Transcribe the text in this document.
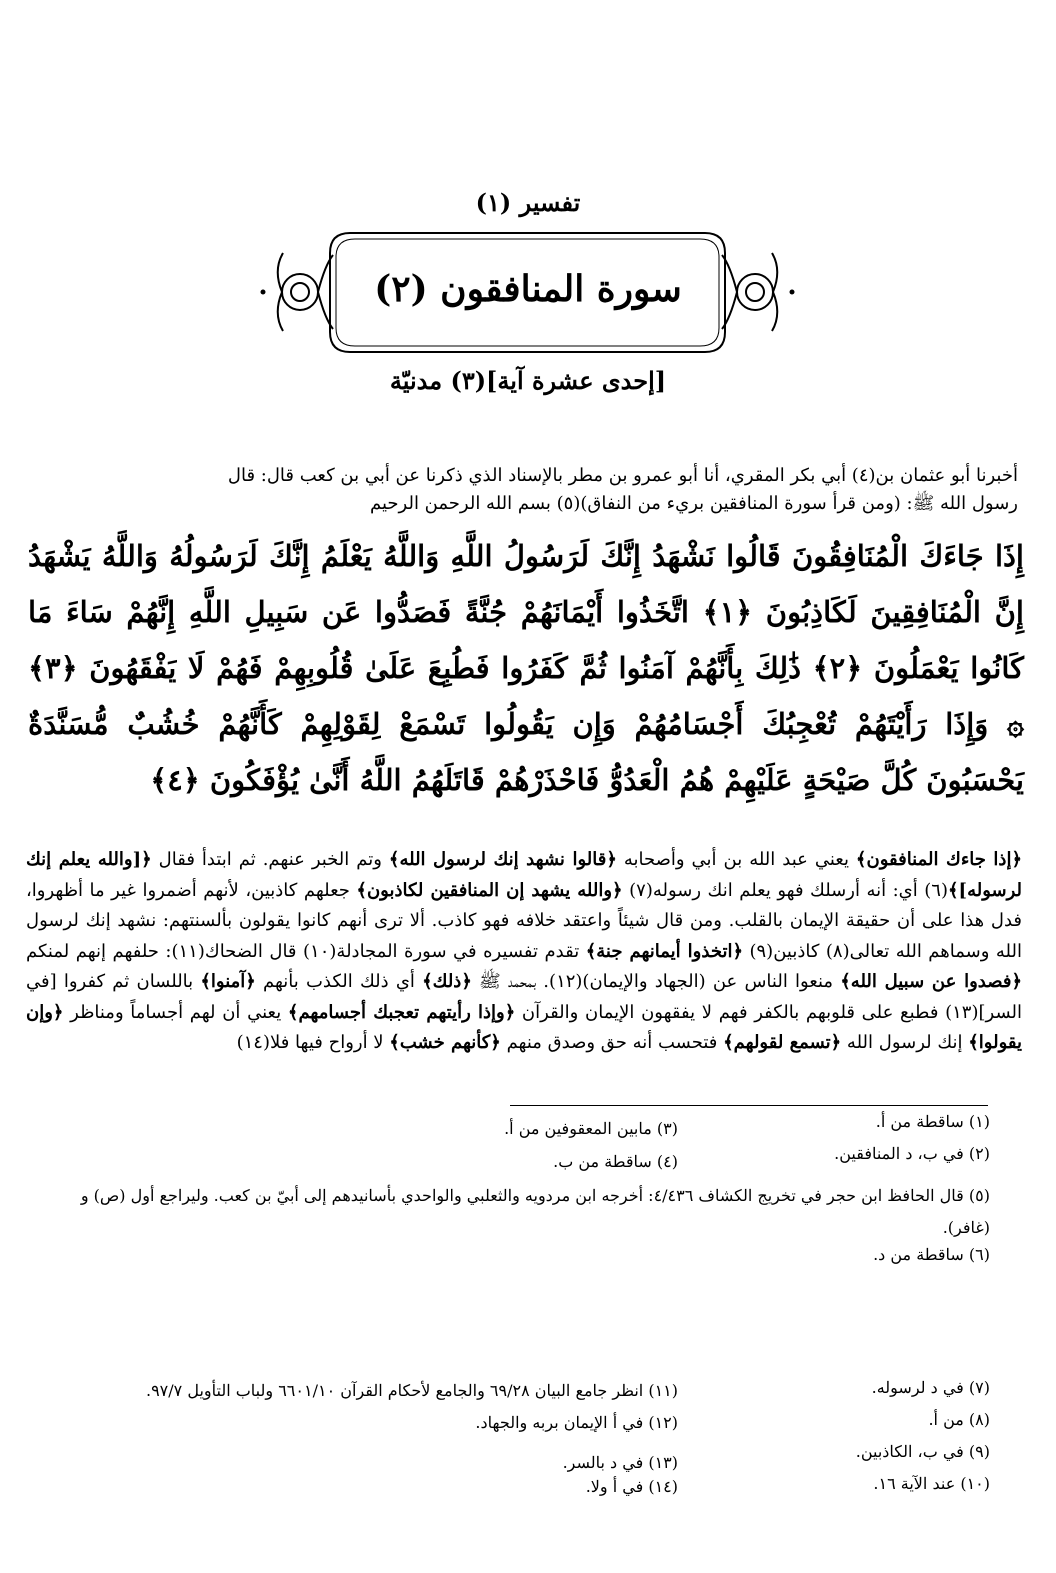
تفسير (١)
سورة المنافقون (٢)
[إحدى عشرة آية](٣) مدنيّة
أخبرنا أبو عثمان بن(٤) أبي بكر المقري، أنا أبو عمرو بن مطر بالإسناد الذي ذكرنا عن أبي بن كعب قال: قال
رسول الله ﷺ: (ومن قرأ سورة المنافقين بريء من النفاق)(٥) بسم الله الرحمن الرحيم
إِذَا جَاءَكَ الْمُنَافِقُونَ قَالُوا نَشْهَدُ إِنَّكَ لَرَسُولُ اللَّهِ وَاللَّهُ يَعْلَمُ إِنَّكَ لَرَسُولُهُ وَاللَّهُ يَشْهَدُ إِنَّ الْمُنَافِقِينَ لَكَاذِبُونَ ﴿١﴾ اتَّخَذُوا أَيْمَانَهُمْ جُنَّةً فَصَدُّوا عَن سَبِيلِ اللَّهِ إِنَّهُمْ سَاءَ مَا كَانُوا يَعْمَلُونَ ﴿٢﴾ ذَٰلِكَ بِأَنَّهُمْ آمَنُوا ثُمَّ كَفَرُوا فَطُبِعَ عَلَىٰ قُلُوبِهِمْ فَهُمْ لَا يَفْقَهُونَ ﴿٣﴾ ۞ وَإِذَا رَأَيْتَهُمْ تُعْجِبُكَ أَجْسَامُهُمْ وَإِن يَقُولُوا تَسْمَعْ لِقَوْلِهِمْ كَأَنَّهُمْ خُشُبٌ مُّسَنَّدَةٌ يَحْسَبُونَ كُلَّ صَيْحَةٍ عَلَيْهِمْ هُمُ الْعَدُوُّ فَاحْذَرْهُمْ قَاتَلَهُمُ اللَّهُ أَنَّىٰ يُؤْفَكُونَ ﴿٤﴾
﴿إذا جاءك المنافقون﴾ يعني عبد الله بن أبي وأصحابه ﴿قالوا نشهد إنك لرسول الله﴾ وتم الخبر عنهم. ثم ابتدأ فقال ﴿[والله يعلم إنك لرسوله]﴾(٦) أي: أنه أرسلك فهو يعلم انك رسوله(٧) ﴿والله يشهد إن المنافقين لكاذبون﴾ جعلهم كاذبين، لأنهم أضمروا غير ما أظهروا، فدل هذا على أن حقيقة الإيمان بالقلب. ومن قال شيئاً واعتقد خلافه فهو كاذب. ألا ترى أنهم كانوا يقولون بألسنتهم: نشهد إنك لرسول الله وسماهم الله تعالى(٨) كاذبين(٩) ﴿اتخذوا أيمانهم جنة﴾ تقدم تفسيره في سورة المجادلة(١٠) قال الضحاك(١١): حلفهم إنهم لمنكم ﴿فصدوا عن سبيل الله﴾ منعوا الناس عن (الجهاد والإيمان)(١٢). بمحمد ﷺ ﴿ذلك﴾ أي ذلك الكذب بأنهم ﴿آمنوا﴾ باللسان ثم كفروا [في السر](١٣) فطبع على قلوبهم بالكفر فهم لا يفقهون الإيمان والقرآن ﴿وإذا رأيتهم تعجبك أجسامهم﴾ يعني أن لهم أجساماً ومناظر ﴿وإن يقولوا﴾ إنك لرسول الله ﴿تسمع لقولهم﴾ فتحسب أنه حق وصدق منهم ﴿كأنهم خشب﴾ لا أرواح فيها فلا(١٤)
(١) ساقطة من أ.
(٣) مابين المعقوفين من أ.
(٢) في ب، د المنافقين.
(٤) ساقطة من ب.
(٥) قال الحافظ ابن حجر في تخريج الكشاف ٤/٤٣٦: أخرجه ابن مردويه والثعلبي والواحدي بأسانيدهم إلى أبيّ بن كعب. وليراجع أول (ص) و (غافر).
(٦) ساقطة من د.
(٧) في د لرسوله.
(١١) انظر جامع البيان ٦٩/٢٨ والجامع لأحكام القرآن ٦٦٠١/١٠ ولباب التأويل ٩٧/٧.
(٨) من أ.
(١٢) في أ الإيمان بربه والجهاد.
(٩) في ب، الكاذبين.
(١٣) في د بالسر.
(١٠) عند الآية ١٦.
(١٤) في أ ولا.
